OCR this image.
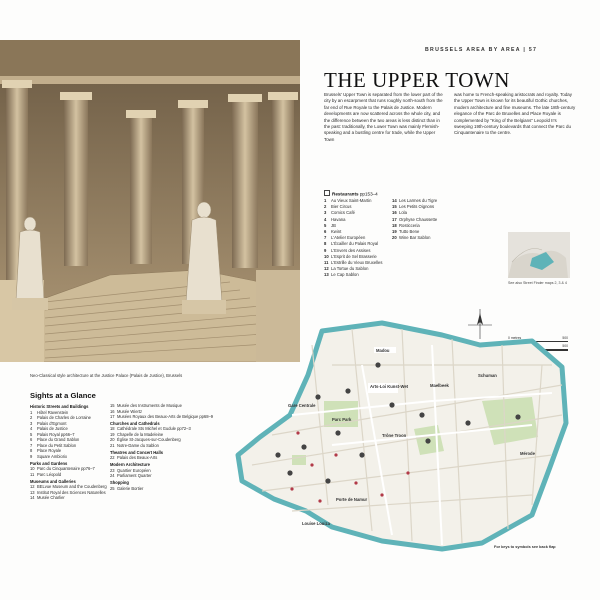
Neo-Classical style architecture at the Justice Palace (Palais de Justice), Brussels
BRUSSELS AREA BY AREA | 57
THE UPPER TOWN

Brussels' Upper Town is separated from the lower part of the city by an escarpment that runs roughly north-south from the far end of Rue Royale to the Palais de Justice. Modern developments are now scattered across the whole city, and the difference between the two areas is less distinct than in the past: traditionally, the Lower Town was mainly Flemish-speaking and a bustling centre for trade, while the Upper Town

was home to French-speaking aristocrats and royalty. Today the Upper Town is known for its beautiful Gothic churches, modern architecture and fine museums. The late 18th-century elegance of the Parc de Bruxelles and Place Royale is complemented by "King of the Belgians" Leopold II's sweeping 19th-century boulevards that connect the Parc du Cinquantenaire to the centre.

Restaurants pp153–4
1 Au Vieux Saint-Martin
2 Bier Circus
3 Comics Café
4 Havana
5 JB
6 Kwint
7 L'Atelier Européen
8 L'Écailler du Palais Royal
9 L'Envers des Assises
10 L'Esprit de Sel Brasserie
11 L'Estrille du Vieux Bruxelles
12 La Tortue du Sablon
13 Le Cap Sablon
14 Les Larmes du Tigre
15 Les Petits Oignons
16 Lola
17 Orphyse Chaussette
18 Rosticceria
19 Tutto Bene
20 Wine Bar Sablon
See also Street Finder maps 2, 3 & 4
0 metres	500
500
Sights at a Glance
Historic Streets and Buildings
1 Hôtel Ravenstein
2 Palais de Charles de Lorraine
3 Palais d'Egmont
4 Palais de Justice
5 Palais Royal pp66–7
6 Place du Grand Sablon
7 Place du Petit Sablon
8 Place Royale
9 Square Ambiorix
Parks and Gardens
10 Parc du Cinquantenaire pp76–7
11 Parc Léopold
Museums and Galleries
12 BELvue Museum and the Coudenberg
13 Institut Royal des Sciences Naturelles
14 Musée Charlier
15 Musée des Instruments de Musique
16 Musée Wiertz
17 Musées Royaux des Beaux-Arts de Belgique pp68–9
Churches and Cathedrals
18 Cathédrale Sts Michel et Gudule pp72–3
19 Chapelle de la Madeleine
20 Église St-Jacques-sur-Coudenberg
21 Notre-Dame du Sablon
Theatres and Concert Halls
22 Palais des Beaux-Arts
Modern Architecture
23 Quartier Européen
24 Parliament Quarter
Shopping
25 Galerie Bortier
Madou
Arts-Loi Kunst-Wet	Maelbeek
Trône Troon
Gare Centrale
Parc Park
Porte de Namur
Louise Louiza
Schuman
Mérode
For keys to symbols see back flap
